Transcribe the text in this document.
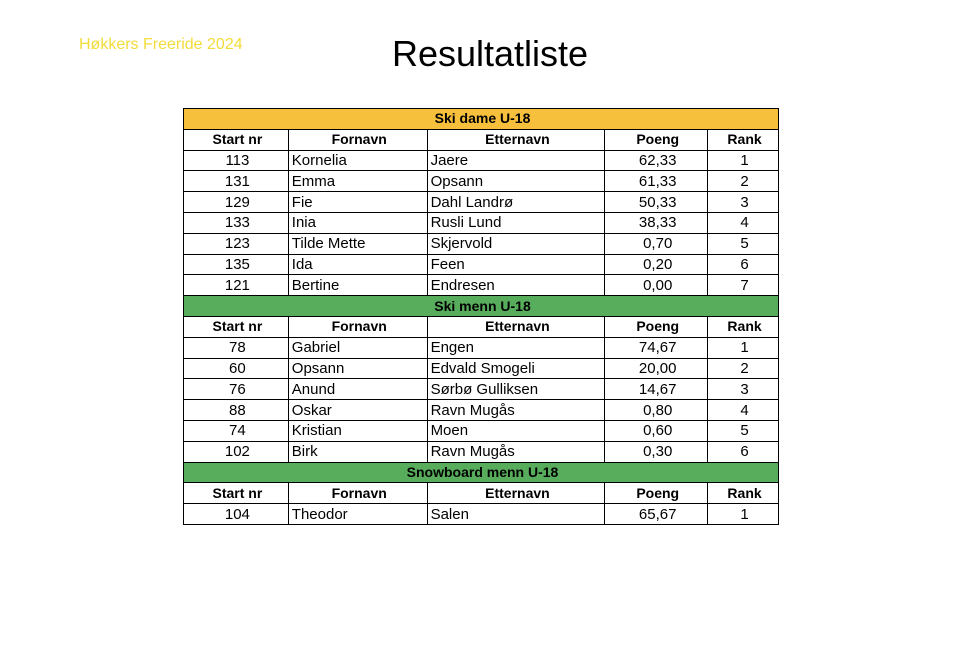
Høkkers Freeride 2024	Resultatliste
Ski dame U-18				
Start nr	Fornavn	Etternavn	Poeng	Rank
113	Kornelia	Jaere	62,33	1
131	Emma	Opsann	61,33	2
129	Fie	Dahl Landrø	50,33	3
133	Inia	Rusli Lund	38,33	4
123	Tilde Mette	Skjervold	0,70	5
135	Ida	Feen	0,20	6
121	Bertine	Endresen	0,00	7
Ski menn U-18				
Start nr	Fornavn	Etternavn	Poeng	Rank
78	Gabriel	Engen	74,67	1
60	Opsann	Edvald Smogeli	20,00	2
76	Anund	Sørbø Gulliksen	14,67	3
88	Oskar	Ravn Mugås	0,80	4
74	Kristian	Moen	0,60	5
102	Birk	Ravn Mugås	0,30	6
Snowboard menn U-18				
Start nr	Fornavn	Etternavn	Poeng	Rank
104	Theodor	Salen	65,67	1
